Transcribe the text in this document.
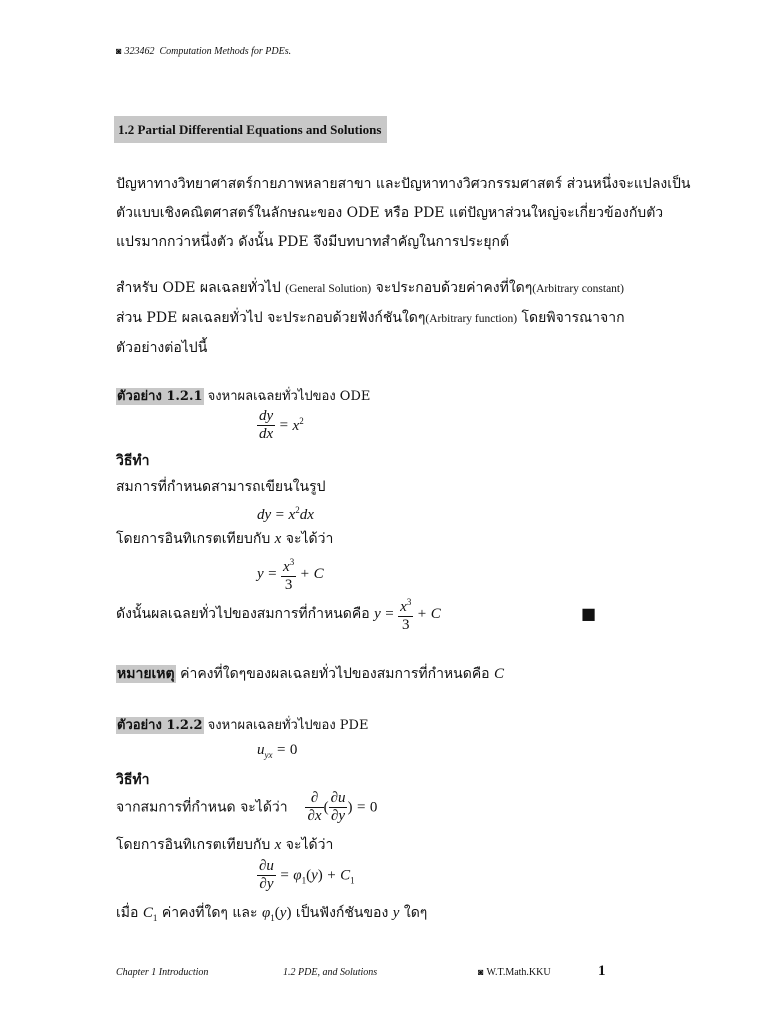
◙ 323462 Computation Methods for PDEs.
1.2 Partial Differential Equations and Solutions
ปัญหาทางวิทยาศาสตร์กายภาพหลายสาขา และปัญหาทางวิศวกรรมศาสตร์ ส่วนหนึ่งจะแปลงเป็น
ตัวแบบเชิงคณิตศาสตร์ในลักษณะของ ODE หรือ PDE แต่ปัญหาส่วนใหญ่จะเกี่ยวข้องกับตัว
แปรมากกว่าหนึ่งตัว ดังนั้น PDE จึงมีบทบาทสำคัญในการประยุกต์
สำหรับ ODE ผลเฉลยทั่วไป (General Solution) จะประกอบด้วยค่าคงที่ใดๆ(Arbitrary constant)
ส่วน PDE ผลเฉลยทั่วไป จะประกอบด้วยฟังก์ชันใดๆ(Arbitrary function) โดยพิจารณาจาก
ตัวอย่างต่อไปนี้
ตัวอย่าง 1.2.1 จงหาผลเฉลยทั่วไปของ ODE
$\frac{dy}{dx} = x^2$
วิธีทำ
สมการที่กำหนดสามารถเขียนในรูป
dy = $x^2dx$
โดยการอินทิเกรตเทียบกับ x จะได้ว่า
$y = \frac{x^3}{3} + C$
ดังนั้นผลเฉลยทั่วไปของสมการที่กำหนดคือ $y = \frac{x^3}{3} + C$	■
หมายเหตุ ค่าคงที่ใดๆของผลเฉลยทั่วไปของสมการที่กำหนดคือ C
ตัวอย่าง 1.2.2 จงหาผลเฉลยทั่วไปของ PDE
$u_{yx} = 0$
วิธีทำ
จากสมการที่กำหนด จะได้ว่า $\frac{\partial}{\partial x}$ ( $\frac{\partial u}{\partial y}$ ) = 0
โดยการอินทิเกรตเทียบกับ x จะได้ว่า
$\frac{\partial u}{\partial y} = \varphi_1(y) + C_1$
เมื่อ $C_1$ ค่าคงที่ใดๆ และ $\varphi_1(y)$ เป็นฟังก์ชันของ y ใดๆ
Chapter 1 Introduction	1.2 PDE, and Solutions	◙ W.T.Math.KKU	1
